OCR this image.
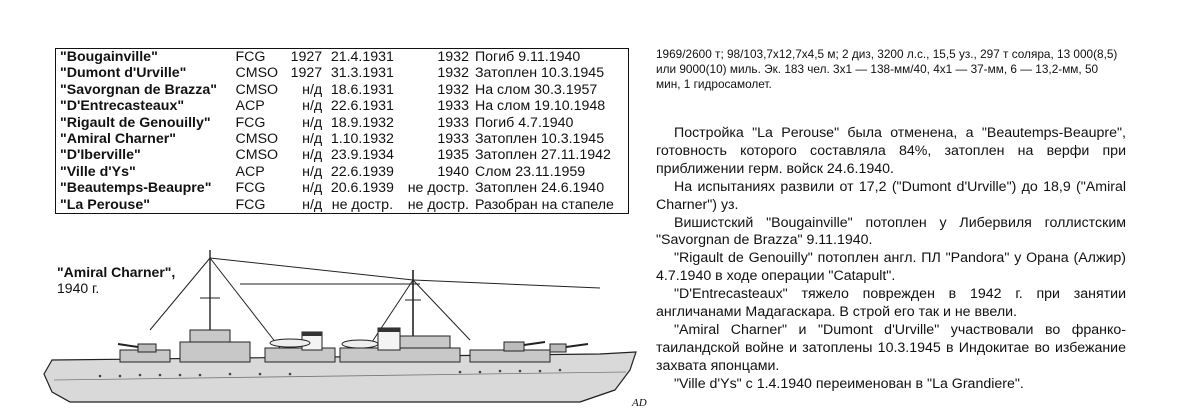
"Bougainville"	FCG	1927	21.4.1931	1932	Погиб 9.11.1940
"Dumont d'Urville"	CMSO	1927	31.3.1931	1932	Затоплен 10.3.1945
"Savorgnan de Brazza"	CMSO	н/д	18.6.1931	1932	На слом 30.3.1957
"D'Entrecasteaux"	ACP	н/д	22.6.1931	1933	На слом 19.10.1948
"Rigault de Genouilly"	FCG	н/д	18.9.1932	1933	Погиб 4.7.1940
"Amiral Charner"	CMSO	н/д	1.10.1932	1933	Затоплен 10.3.1945
"D'Iberville"	CMSO	н/д	23.9.1934	1935	Затоплен 27.11.1942
"Ville d'Ys"	ACP	н/д	22.6.1939	1940	Слом 23.11.1959
"Beautemps-Beaupre"	FCG	н/д	20.6.1939	не достр.	Затоплен 24.6.1940
"La Perouse"	FCG	н/д	не достр.	не достр.	Разобран на стапеле
"Amiral Charner",
1940 г.
AD

1969/2600 т; 98/103,7х12,7х4,5 м; 2 диз, 3200 л.с., 15,5 уз., 297 т соляра, 13 000(8,5) или 9000(10) миль. Эк. 183 чел. 3х1 — 138-мм/40, 4х1 — 37-мм, 6 — 13,2-мм, 50 мин, 1 гидросамолет.

Постройка "La Perouse" была отменена, а "Beautemps-Beaupre", готовность которого составляла 84%, затоплен на верфи при приближении герм. войск 24.6.1940.

На испытаниях развили от 17,2 ("Dumont d'Urville") до 18,9 ("Amiral Charner") уз.

Вишистский "Bougainville" потоплен у Либервиля голлистским "Savorgnan de Brazza" 9.11.1940.

"Rigault de Genouilly" потоплен англ. ПЛ "Pandora" у Орана (Алжир) 4.7.1940 в ходе операции "Catapult".

"D'Entrecasteaux" тяжело поврежден в 1942 г. при занятии англичанами Мадагаскара. В строй его так и не ввели.

"Amiral Charner" и "Dumont d'Urville" участвовали во франко-таиландской войне и затоплены 10.3.1945 в Индокитае во избежание захвата японцами.

"Ville d'Ys" с 1.4.1940 переименован в "La Grandiere".
